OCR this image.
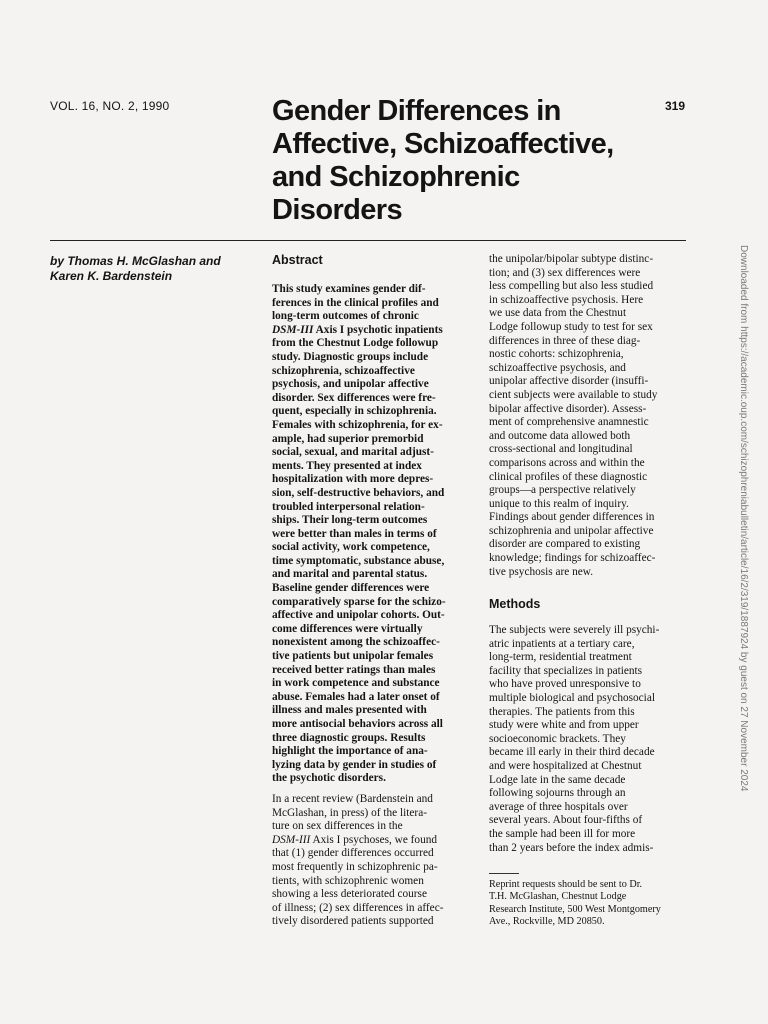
VOL. 16, NO. 2, 1990	319
Gender Differences in
Affective, Schizoaffective,
and Schizophrenic
Disorders
by Thomas H. McGlashan and
Karen K. Bardenstein
Abstract

This study examines gender dif-
ferences in the clinical profiles and
long-term outcomes of chronic
DSM-III Axis I psychotic inpatients
from the Chestnut Lodge followup
study. Diagnostic groups include
schizophrenia, schizoaffective
psychosis, and unipolar affective
disorder. Sex differences were fre-
quent, especially in schizophrenia.
Females with schizophrenia, for ex-
ample, had superior premorbid
social, sexual, and marital adjust-
ments. They presented at index
hospitalization with more depres-
sion, self-destructive behaviors, and
troubled interpersonal relation-
ships. Their long-term outcomes
were better than males in terms of
social activity, work competence,
time symptomatic, substance abuse,
and marital and parental status.
Baseline gender differences were
comparatively sparse for the schizo-
affective and unipolar cohorts. Out-
come differences were virtually
nonexistent among the schizoaffec-
tive patients but unipolar females
received better ratings than males
in work competence and substance
abuse. Females had a later onset of
illness and males presented with
more antisocial behaviors across all
three diagnostic groups. Results
highlight the importance of ana-
lyzing data by gender in studies of
the psychotic disorders.

In a recent review (Bardenstein and
McGlashan, in press) of the litera-
ture on sex differences in the
DSM-III Axis I psychoses, we found
that (1) gender differences occurred
most frequently in schizophrenic pa-
tients, with schizophrenic women
showing a less deteriorated course
of illness; (2) sex differences in affec-
tively disordered patients supported

the unipolar/bipolar subtype distinc-
tion; and (3) sex differences were
less compelling but also less studied
in schizoaffective psychosis. Here
we use data from the Chestnut
Lodge followup study to test for sex
differences in three of these diag-
nostic cohorts: schizophrenia,
schizoaffective psychosis, and
unipolar affective disorder (insuffi-
cient subjects were available to study
bipolar affective disorder). Assess-
ment of comprehensive anamnestic
and outcome data allowed both
cross-sectional and longitudinal
comparisons across and within the
clinical profiles of these diagnostic
groups—a perspective relatively
unique to this realm of inquiry.
Findings about gender differences in
schizophrenia and unipolar affective
disorder are compared to existing
knowledge; findings for schizoaffec-
tive psychosis are new.

Methods

The subjects were severely ill psychi-
atric inpatients at a tertiary care,
long-term, residential treatment
facility that specializes in patients
who have proved unresponsive to
multiple biological and psychosocial
therapies. The patients from this
study were white and from upper
socioeconomic brackets. They
became ill early in their third decade
and were hospitalized at Chestnut
Lodge late in the same decade
following sojourns through an
average of three hospitals over
several years. About four-fifths of
the sample had been ill for more
than 2 years before the index admis-

Reprint requests should be sent to Dr.
T.H. McGlashan, Chestnut Lodge
Research Institute, 500 West Montgomery
Ave., Rockville, MD 20850.

Downloaded from https://academic.oup.com/schizophreniabulletin/article/16/2/319/1887924 by guest on 27 November 2024
